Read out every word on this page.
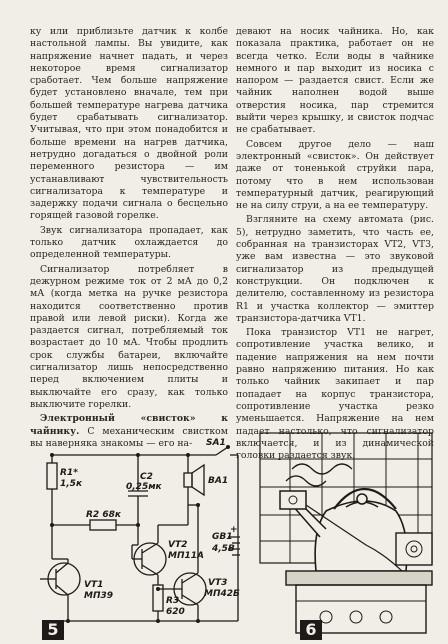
ку или приблизьте датчик к колбе настольной лампы. Вы увидите, как напряжение начнет падать, и через некоторое время сигнализатор сработает. Чем больше напряжение будет установлено вначале, тем при большей температуре нагрева датчика будет срабатывать сигнализатор. Учитывая, что при этом понадобится и больше времени на нагрев датчика, нетрудно догадаться о двойной роли переменного резистора — им устанавливают чувствительность сигнализатора к температуре и задержку подачи сигнала о бесцельно горящей газовой горелке.

Звук сигнализатора пропадает, как только датчик охлаждается до определенной температуры.

Сигнализатор потребляет в дежурном режиме ток от 2 мА до 0,2 мА (когда метка на ручке резистора находится соответственно против правой или левой риски). Когда же раздается сигнал, потребляемый ток возрастает до 10 мА. Чтобы продлить срок службы батареи, включайте сигнализатор лишь непосредственно перед включением плиты и выключайте его сразу, как только выключите горелки.

Электронный «свисток» к чайнику. С механическим свистком вы наверняка знакомы — его на-

девают на носик чайника. Но, как показала практика, работает он не всегда четко. Если воды в чайнике немного и пар выходит из носика с напором — раздается свист. Если же чайник наполнен водой выше отверстия носика, пар стремится выйти через крышку, и свисток подчас не срабатывает.

Совсем другое дело — наш электронный «свисток». Он действует даже от тоненькой струйки пара, потому что в нем использован температурный датчик, реагирующий не на силу струи, а на ее температуру.

Взгляните на схему автомата (рис. 5), нетрудно заметить, что часть ее, собранная на транзисторах VT2, VT3, уже вам известна — это звуковой сигнализатор из предыдущей конструкции. Он подключен к делителю, составленному из резистора R1 и участка коллектор — эмиттер транзистора-датчика VT1.

Пока транзистор VT1 не нагрет, сопротивление участка велико, и падение напряжения на нем почти равно напряжению питания. Но как только чайник закипает и пар попадает на корпус транзистора, сопротивление участка резко уменьшается. Напряжение на нем падает настолько, что сигнализатор включается, и из динамической головки раздается звук.

SA1
R1*
1,5к
C2
0,25мк
BA1
R2 68к
VT2
МП11А
GB1
4,5В
VT1
МП39	R3
620
VT3
МП42Б
+
5	6
